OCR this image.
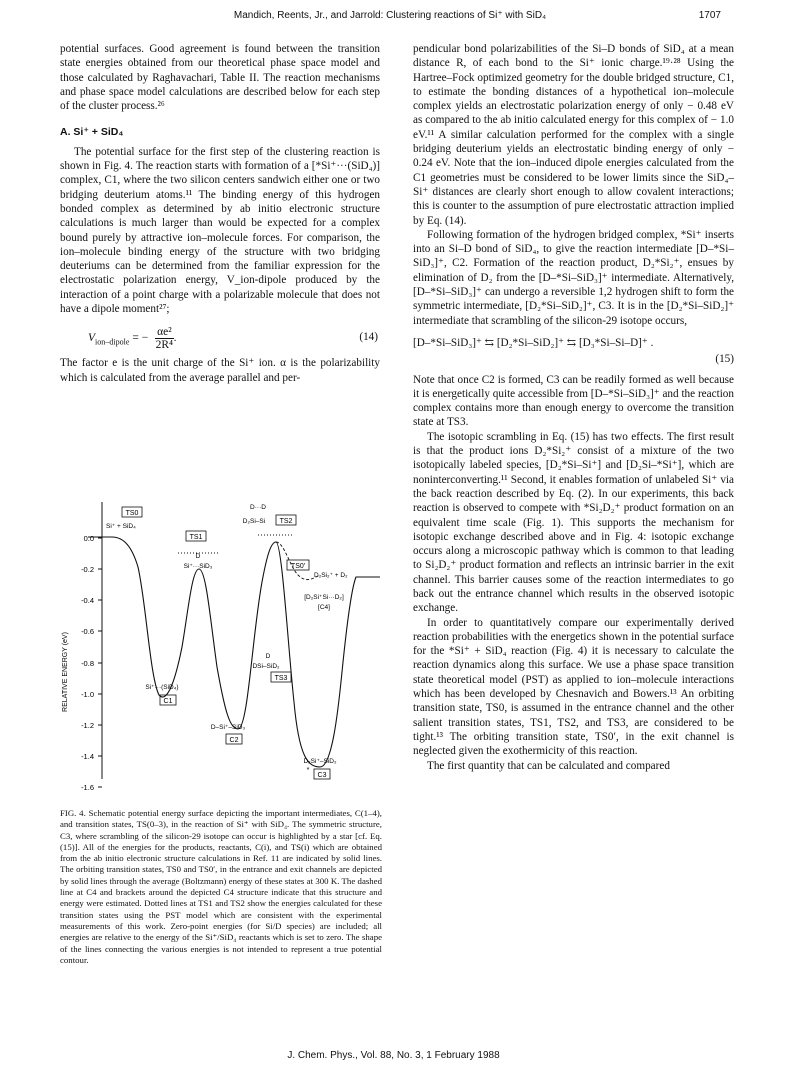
Mandich, Reents, Jr., and Jarrold: Clustering reactions of Si⁺ with SiD₄	1707

potential surfaces. Good agreement is found between the transition state energies obtained from our theoretical phase space model and those calculated by Raghavachari, Table II. The reaction mechanisms and phase space model calculations are described below for each step of the cluster process.²⁶

A. Si⁺ + SiD₄

The potential surface for the first step of the clustering reaction is shown in Fig. 4. The reaction starts with formation of a [*Si⁺···(SiD₄)] complex, C1, where the two silicon centers sandwich either one or two bridging deuterium atoms.¹¹ The binding energy of this hydrogen bonded complex as determined by ab initio electronic structure calculations is much larger than would be expected for a complex bound purely by attractive ion–molecule forces. For comparison, the ion–molecule binding energy of the structure with two bridging deuteriums can be determined from the familiar expression for the electrostatic polarization energy, V_ion-dipole produced by the interaction of a point charge with a polarizable molecule that does not have a dipole moment²⁷;

$V_{ion-dipole}$ = − $\frac{\text{αe²}}{\text{2R⁴}}$ .	(14)

The factor e is the unit charge of the Si⁺ ion. α is the polarizability which is calculated from the average parallel and per-

0.0
-0.2
-0.4
-0.6
-0.8
-1.0
-1.2
-1.4
-1.6
RELATIVE ENERGY (eV)
Si⁺ + SiD₄
TS0
TS1
D
Si⁺···SiD₃
D···D
D₂Si–Si TS2
TS0′
D₂Si₂⁺ + D₂
[D₂Si⁺Si···D₂]
[C4]
D
DSi–SiD₂
TS3
Si⁺···(SiD₄)
C1
D–Si⁺–SiD₃
C2
D₂Si⁺–SiD₂
*
C3
FIG. 4. Schematic potential energy surface depicting the important intermediates, C(1–4), and transition states, TS(0–3), in the reaction of Si⁺ with SiD₄. The symmetric structure, C3, where scrambling of the silicon-29 isotope can occur is highlighted by a star [cf. Eq. (15)]. All of the energies for the products, reactants, C(i), and TS(i) which are obtained from the ab initio electronic structure calculations in Ref. 11 are indicated by solid lines. The orbiting transition states, TS0 and TS0′, in the entrance and exit channels are depicted by solid lines through the average (Boltzmann) energy of these states at 300 K. The dashed line at C4 and brackets around the depicted C4 structure indicate that this structure and energy were estimated. Dotted lines at TS1 and TS2 show the energies calculated for these transition states using the PST model which are consistent with the experimental measurements of this work. Zero-point energies (for Si/D species) are included; all energies are relative to the energy of the Si⁺/SiD₄ reactants which is set to zero. The shape of the lines connecting the various energies is not intended to represent a true potential contour.

pendicular bond polarizabilities of the Si–D bonds of SiD₄ at a mean distance R, of each bond to the Si⁺ ionic charge.¹⁹·²⁸ Using the Hartree–Fock optimized geometry for the double bridged structure, C1, to estimate the bonding distances of a hypothetical ion–molecule complex yields an electrostatic polarization energy of only − 0.48 eV as compared to the ab initio calculated energy for this complex of − 1.0 eV.¹¹ A similar calculation performed for the complex with a single bridging deuterium yields an electrostatic binding energy of only − 0.24 eV. Note that the ion–induced dipole energies calculated from the C1 geometries must be considered to be lower limits since the SiD₄–Si⁺ distances are clearly short enough to allow covalent interactions; this is counter to the assumption of pure electrostatic attraction implied by Eq. (14).

Following formation of the hydrogen bridged complex, *Si⁺ inserts into an Si–D bond of SiD₄, to give the reaction intermediate [D–*Si–SiD₃]⁺, C2. Formation of the reaction product, D₂*Si₂⁺, ensues by elimination of D₂ from the [D–*Si–SiD₃]⁺ intermediate. Alternatively, [D–*Si–SiD₃]⁺ can undergo a reversible 1,2 hydrogen shift to form the symmetric intermediate, [D₂*Si–SiD₂]⁺, C3. It is in the [D₂*Si–SiD₂]⁺ intermediate that scrambling of the silicon-29 isotope occurs,

[D–*Si–SiD₃]⁺ ⇆ [D₂*Si–SiD₂]⁺ ⇆ [D₃*Si–Si–D]⁺ .

(15)

Note that once C2 is formed, C3 can be readily formed as well because it is energetically quite accessible from [D–*Si–SiD₃]⁺ and the reaction complex contains more than enough energy to overcome the transition state at TS3.

The isotopic scrambling in Eq. (15) has two effects. The first result is that the product ions D₂*Si₂⁺ consist of a mixture of the two isotopically labeled species, [D₂*Si–Si⁺] and [D₂Si–*Si⁺], which are noninterconverting.¹¹ Second, it enables formation of unlabeled Si⁺ via the back reaction described by Eq. (2). In our experiments, this back reaction is observed to compete with *Si₂D₂⁺ product formation on an equivalent time scale (Fig. 1). This supports the mechanism for isotopic exchange described above and in Fig. 4: isotopic exchange occurs along a microscopic pathway which is common to that leading to Si₂D₂⁺ product formation and reflects an intrinsic barrier in the exit channel. This barrier causes some of the reaction intermediates to go back out the entrance channel which results in the observed isotopic exchange.

In order to quantitatively compare our experimentally derived reaction probabilities with the energetics shown in the potential surface for the *Si⁺ + SiD₄ reaction (Fig. 4) it is necessary to calculate the reaction dynamics along this surface. We use a phase space transition state theoretical model (PST) as applied to ion–molecule interactions which has been developed by Chesnavich and Bowers.¹³ An orbiting transition state, TS0, is assumed in the entrance channel and the other salient transition states, TS1, TS2, and TS3, are considered to be tight.¹³ The orbiting transition state, TS0′, in the exit channel is neglected given the exothermicity of this reaction.

The first quantity that can be calculated and compared

J. Chem. Phys., Vol. 88, No. 3, 1 February 1988
